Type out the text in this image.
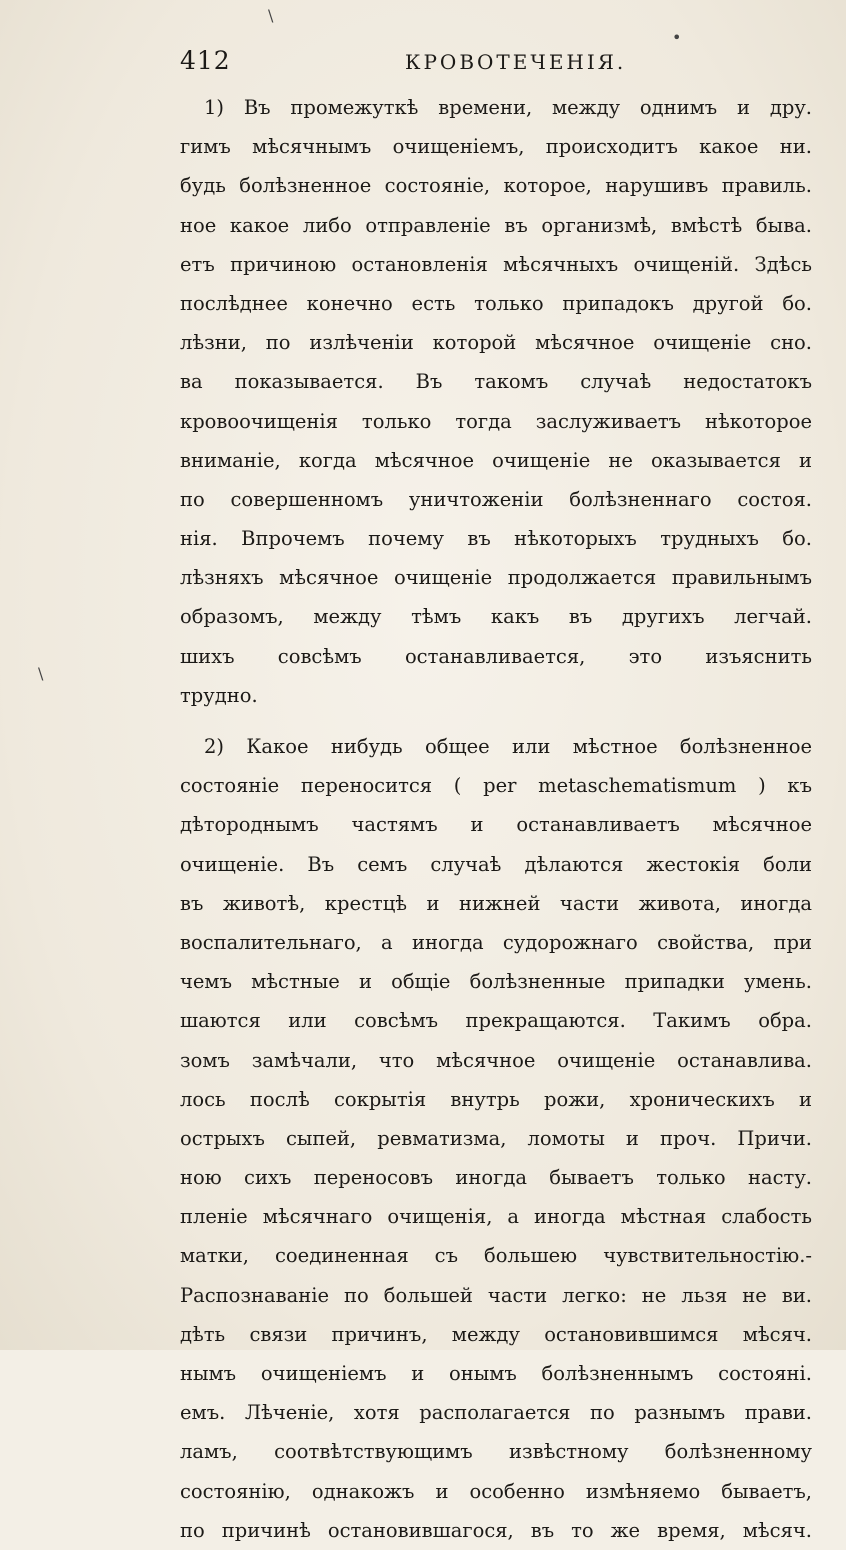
412	КРОВОТЕЧЕНІЯ.
1) Въ промежуткѣ времени, между однимъ и дру.
гимъ мѣсячнымъ очищеніемъ, происходитъ какое ни.
будь болѣзненное состояніе, которое, нарушивъ правиль.
ное какое либо отправленіе въ организмѣ, вмѣстѣ быва.
етъ причиною остановленія мѣсячныхъ очищеній. Здѣсь
послѣднее конечно есть только припадокъ другой бо.
лѣзни, по излѣченіи которой мѣсячное очищеніе сно.
ва показывается. Въ такомъ случаѣ недостатокъ
кровоочищенія только тогда заслуживаетъ нѣкоторое
вниманіе, когда мѣсячное очищеніе не оказывается и
по совершенномъ уничтоженіи болѣзненнаго состоя.
нія. Впрочемъ почему въ нѣкоторыхъ трудныхъ бо.
лѣзняхъ мѣсячное очищеніе продолжается правильнымъ
образомъ, между тѣмъ какъ въ другихъ легчай.
шихъ совсѣмъ останавливается, это изъяснить
трудно.
2) Какое нибудь общее или мѣстное болѣзненное
состояніе переносится ( per metaschematismum ) къ
дѣтороднымъ частямъ и останавливаетъ мѣсячное
очищеніе. Въ семъ случаѣ дѣлаются жестокія боли
въ животѣ, крестцѣ и нижней части живота, иногда
воспалительнаго, а иногда судорожнаго свойства, при
чемъ мѣстные и общіе болѣзненные припадки умень.
шаются или совсѣмъ прекращаются. Такимъ обра.
зомъ замѣчали, что мѣсячное очищеніе останавлива.
лось послѣ сокрытія внутрь рожи, хроническихъ и
острыхъ сыпей, ревматизма, ломоты и проч. Причи.
ною сихъ переносовъ иногда бываетъ только насту.
пленіе мѣсячнаго очищенія, а иногда мѣстная слабость
матки, соединенная съ большею чувствительностію.-
Распознаваніе по большей части легко: не льзя не ви.
дѣть связи причинъ, между остановившимся мѣсяч.
нымъ очищеніемъ и онымъ болѣзненнымъ состояні.
емъ. Лѣченіе, хотя располагается по разнымъ прави.
ламъ, соотвѣтствующимъ извѣстному болѣзненному
состоянію, однакожъ и особенно измѣняемо бываетъ,
по причинѣ остановившагося, въ то же время, мѣсяч.
•
\
\
